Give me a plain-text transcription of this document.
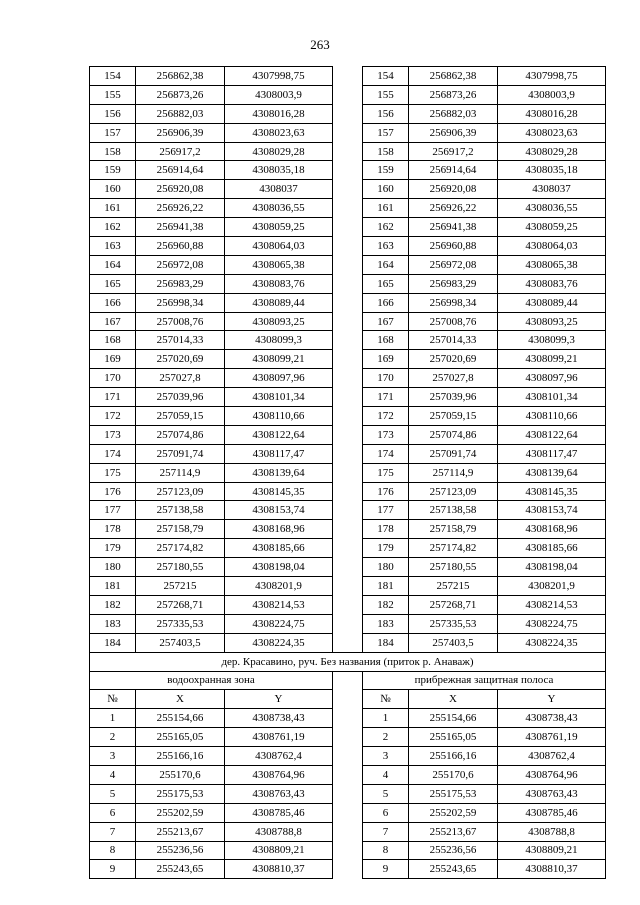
263
154	256862,38	4307998,75		154	256862,38	4307998,75
155	256873,26	4308003,9		155	256873,26	4308003,9
156	256882,03	4308016,28		156	256882,03	4308016,28
157	256906,39	4308023,63		157	256906,39	4308023,63
158	256917,2	4308029,28		158	256917,2	4308029,28
159	256914,64	4308035,18		159	256914,64	4308035,18
160	256920,08	4308037		160	256920,08	4308037
161	256926,22	4308036,55		161	256926,22	4308036,55
162	256941,38	4308059,25		162	256941,38	4308059,25
163	256960,88	4308064,03		163	256960,88	4308064,03
164	256972,08	4308065,38		164	256972,08	4308065,38
165	256983,29	4308083,76		165	256983,29	4308083,76
166	256998,34	4308089,44		166	256998,34	4308089,44
167	257008,76	4308093,25		167	257008,76	4308093,25
168	257014,33	4308099,3		168	257014,33	4308099,3
169	257020,69	4308099,21		169	257020,69	4308099,21
170	257027,8	4308097,96		170	257027,8	4308097,96
171	257039,96	4308101,34		171	257039,96	4308101,34
172	257059,15	4308110,66		172	257059,15	4308110,66
173	257074,86	4308122,64		173	257074,86	4308122,64
174	257091,74	4308117,47		174	257091,74	4308117,47
175	257114,9	4308139,64		175	257114,9	4308139,64
176	257123,09	4308145,35		176	257123,09	4308145,35
177	257138,58	4308153,74		177	257138,58	4308153,74
178	257158,79	4308168,96		178	257158,79	4308168,96
179	257174,82	4308185,66		179	257174,82	4308185,66
180	257180,55	4308198,04		180	257180,55	4308198,04
181	257215	4308201,9		181	257215	4308201,9
182	257268,71	4308214,53		182	257268,71	4308214,53
183	257335,53	4308224,75		183	257335,53	4308224,75
184	257403,5	4308224,35		184	257403,5	4308224,35
дер. Красавино, руч. Без названия (приток р. Анаваж)						
водоохранная зона				прибрежная защитная полоса		
№	X	Y		№	X	Y
1	255154,66	4308738,43		1	255154,66	4308738,43
2	255165,05	4308761,19		2	255165,05	4308761,19
3	255166,16	4308762,4		3	255166,16	4308762,4
4	255170,6	4308764,96		4	255170,6	4308764,96
5	255175,53	4308763,43		5	255175,53	4308763,43
6	255202,59	4308785,46		6	255202,59	4308785,46
7	255213,67	4308788,8		7	255213,67	4308788,8
8	255236,56	4308809,21		8	255236,56	4308809,21
9	255243,65	4308810,37		9	255243,65	4308810,37
